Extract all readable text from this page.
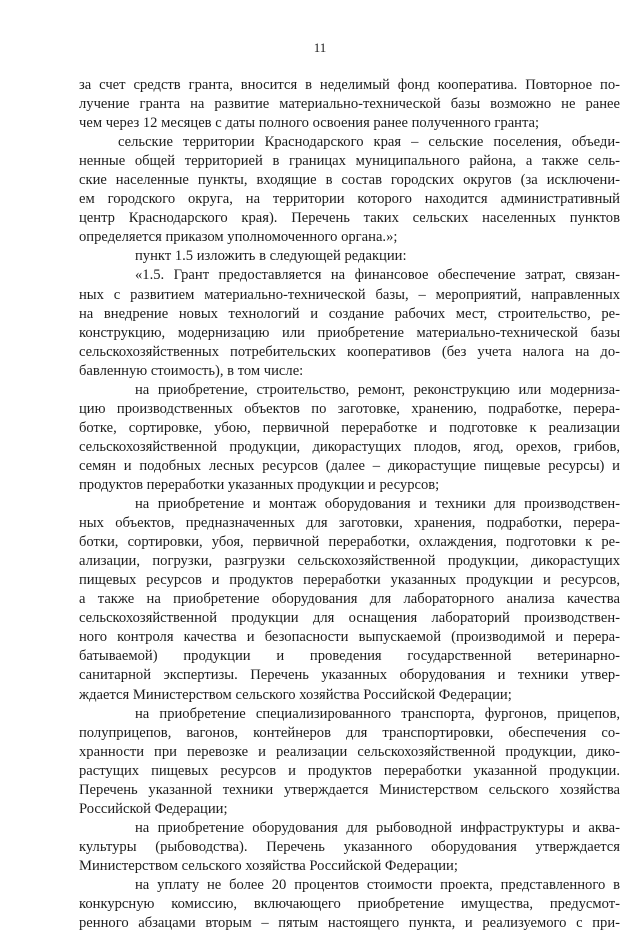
11
за счет средств гранта, вносится в неделимый фонд кооператива. Повторное по-
лучение гранта на развитие материально-технической базы возможно не ранее
чем через 12 месяцев с даты полного освоения ранее полученного гранта;
сельские территории Краснодарского края – сельские поселения, объеди-
ненные общей территорией в границах муниципального района, а также сель-
ские населенные пункты, входящие в состав городских округов (за исключени-
ем городского округа, на территории которого находится административный
центр Краснодарского края). Перечень таких сельских населенных пунктов
определяется приказом уполномоченного органа.»;
пункт 1.5 изложить в следующей редакции:
«1.5. Грант предоставляется на финансовое обеспечение затрат, связан-
ных с развитием материально-технической базы, – мероприятий, направленных
на внедрение новых технологий и создание рабочих мест, строительство, ре-
конструкцию, модернизацию или приобретение материально-технической базы
сельскохозяйственных потребительских кооперативов (без учета налога на до-
бавленную стоимость), в том числе:
на приобретение, строительство, ремонт, реконструкцию или модерниза-
цию производственных объектов по заготовке, хранению, подработке, перера-
ботке, сортировке, убою, первичной переработке и подготовке к реализации
сельскохозяйственной продукции, дикорастущих плодов, ягод, орехов, грибов,
семян и подобных лесных ресурсов (далее – дикорастущие пищевые ресурсы) и
продуктов переработки указанных продукции и ресурсов;
на приобретение и монтаж оборудования и техники для производствен-
ных объектов, предназначенных для заготовки, хранения, подработки, перера-
ботки, сортировки, убоя, первичной переработки, охлаждения, подготовки к ре-
ализации, погрузки, разгрузки сельскохозяйственной продукции, дикорастущих
пищевых ресурсов и продуктов переработки указанных продукции и ресурсов,
а также на приобретение оборудования для лабораторного анализа качества
сельскохозяйственной продукции для оснащения лабораторий производствен-
ного контроля качества и безопасности выпускаемой (производимой и перера-
батываемой) продукции и проведения государственной ветеринарно-
санитарной экспертизы. Перечень указанных оборудования и техники утвер-
ждается Министерством сельского хозяйства Российской Федерации;
на приобретение специализированного транспорта, фургонов, прицепов,
полуприцепов, вагонов, контейнеров для транспортировки, обеспечения со-
хранности при перевозке и реализации сельскохозяйственной продукции, дико-
растущих пищевых ресурсов и продуктов переработки указанной продукции.
Перечень указанной техники утверждается Министерством сельского хозяйства
Российской Федерации;
на приобретение оборудования для рыбоводной инфраструктуры и аква-
культуры (рыбоводства). Перечень указанного оборудования утверждается
Министерством сельского хозяйства Российской Федерации;
на уплату не более 20 процентов стоимости проекта, представленного в
конкурсную комиссию, включающего приобретение имущества, предусмот-
ренного абзацами вторым – пятым настоящего пункта, и реализуемого с при-
